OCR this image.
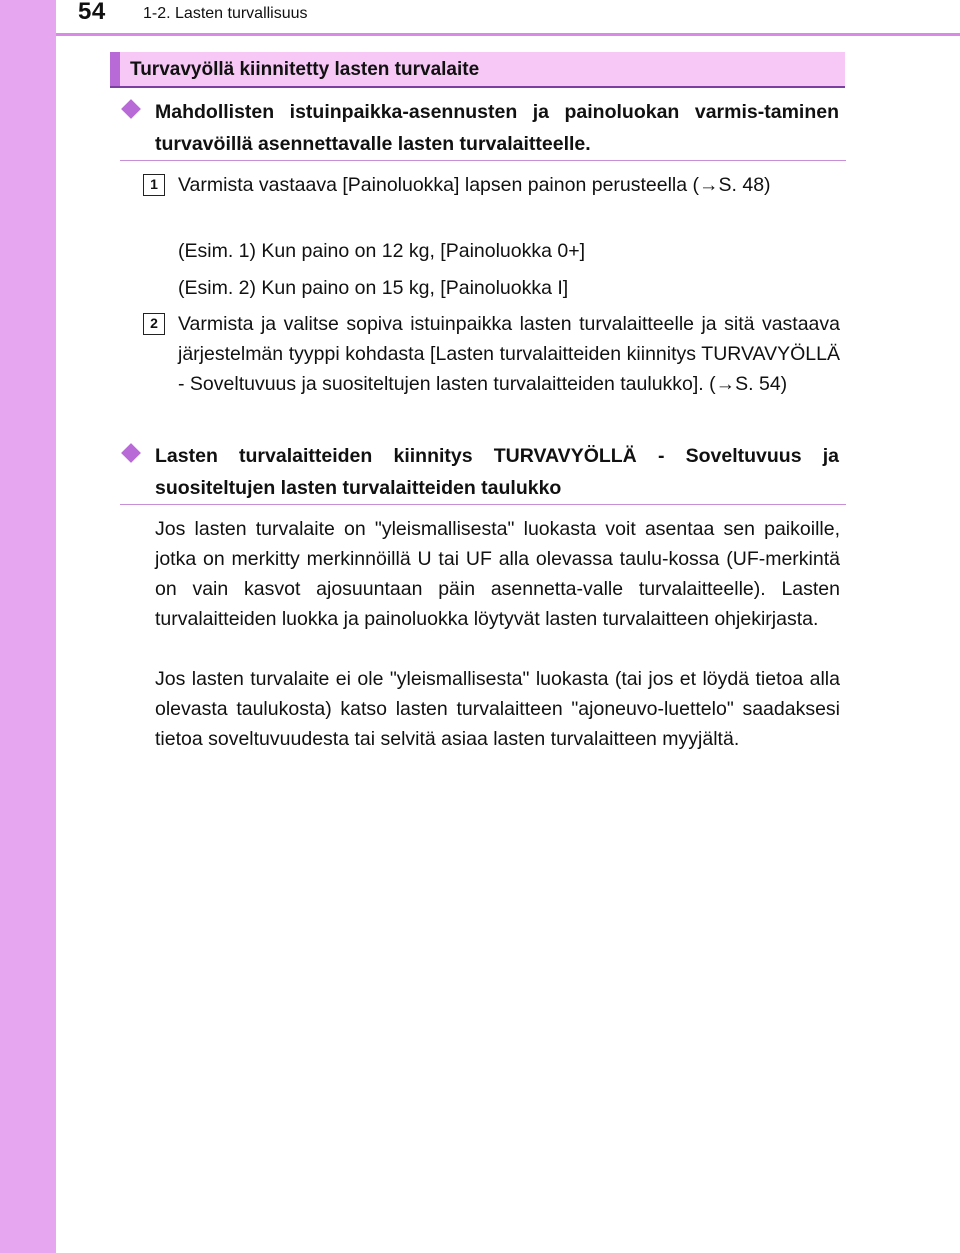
54 1-2. Lasten turvallisuus
Turvavyöllä kiinnitetty lasten turvalaite
Mahdollisten istuinpaikka-asennusten ja painoluokan varmis-taminen turvavöillä asennettavalle lasten turvalaitteelle.
1	Varmista vastaava [Painoluokka] lapsen painon perusteella (→S. 48)
(Esim. 1) Kun paino on 12 kg, [Painoluokka 0+]
(Esim. 2) Kun paino on 15 kg, [Painoluokka I]
2	Varmista ja valitse sopiva istuinpaikka lasten turvalaitteelle ja sitä vastaava järjestelmän tyyppi kohdasta [Lasten turvalaitteiden kiinnitys TURVAVYÖLLÄ - Soveltuvuus ja suositeltujen lasten turvalaitteiden taulukko]. (→S. 54)
Lasten turvalaitteiden kiinnitys TURVAVYÖLLÄ - Soveltuvuus ja suositeltujen lasten turvalaitteiden taulukko
Jos lasten turvalaite on "yleismallisesta" luokasta voit asentaa sen paikoille, jotka on merkitty merkinnöillä U tai UF alla olevassa taulu-kossa (UF-merkintä on vain kasvot ajosuuntaan päin asennetta-valle turvalaitteelle). Lasten turvalaitteiden luokka ja painoluokka löytyvät lasten turvalaitteen ohjekirjasta.
Jos lasten turvalaite ei ole "yleismallisesta" luokasta (tai jos et löydä tietoa alla olevasta taulukosta) katso lasten turvalaitteen "ajoneuvo-luettelo" saadaksesi tietoa soveltuvuudesta tai selvitä asiaa lasten turvalaitteen myyjältä.
